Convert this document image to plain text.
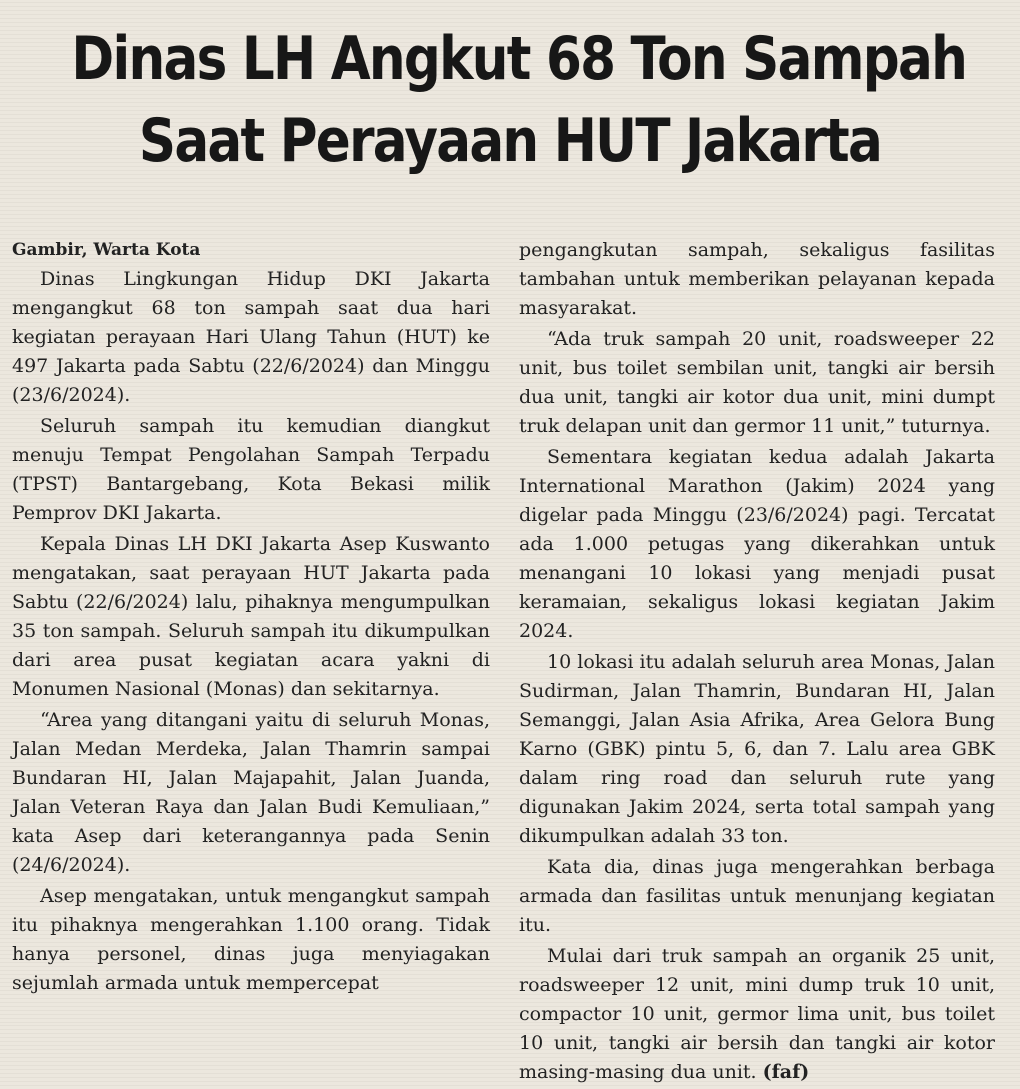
Dinas LH Angkut 68 Ton Sampah
Saat Perayaan HUT Jakarta

Gambir, Warta Kota

Dinas Lingkungan Hidup DKI Jakarta mengangkut 68 ton sampah saat dua hari kegiatan perayaan Hari Ulang Tahun (HUT) ke 497 Jakarta pada Sabtu (22/6/2024) dan Minggu (23/6/2024).

Seluruh sampah itu kemudian diangkut menuju Tempat Pengolahan Sampah Terpadu (TPST) Bantargebang, Kota Bekasi milik Pemprov DKI Jakarta.

Kepala Dinas LH DKI Jakarta Asep Kuswanto mengatakan, saat perayaan HUT Jakarta pada Sabtu (22/6/2024) lalu, pihaknya mengumpulkan 35 ton sampah. Seluruh sampah itu dikumpulkan dari area pusat kegiatan acara yakni di Monumen Nasional (Monas) dan sekitarnya.

“Area yang ditangani yaitu di seluruh Monas, Jalan Medan Merdeka, Jalan Thamrin sampai Bundaran HI, Jalan Majapahit, Jalan Juanda, Jalan Veteran Raya dan Jalan Budi Kemuliaan,” kata Asep dari keterangannya pada Senin (24/6/2024).

Asep mengatakan, untuk mengangkut sampah itu pihaknya mengerahkan 1.100 orang. Tidak hanya personel, dinas juga menyiagakan sejumlah armada untuk mempercepat

pengangkutan sampah, sekaligus fasilitas tambahan untuk memberikan pelayanan kepada masyarakat.

“Ada truk sampah 20 unit, roadsweeper 22 unit, bus toilet sembilan unit, tangki air bersih dua unit, tangki air kotor dua unit, mini dumpt truk delapan unit dan germor 11 unit,” tuturnya.

Sementara kegiatan kedua adalah Jakarta International Marathon (Jakim) 2024 yang digelar pada Minggu (23/6/2024) pagi. Tercatat ada 1.000 petugas yang dikerahkan untuk menangani 10 lokasi yang menjadi pusat keramaian, sekaligus lokasi kegiatan Jakim 2024.

10 lokasi itu adalah seluruh area Monas, Jalan Sudirman, Jalan Thamrin, Bundaran HI, Jalan Semanggi, Jalan Asia Afrika, Area Gelora Bung Karno (GBK) pintu 5, 6, dan 7. Lalu area GBK dalam ring road dan seluruh rute yang digunakan Jakim 2024, serta total sampah yang dikumpulkan adalah 33 ton.

Kata dia, dinas juga mengerahkan berbaga armada dan fasilitas untuk menunjang kegiatan itu.

Mulai dari truk sampah an organik 25 unit, roadsweeper 12 unit, mini dump truk 10 unit, compactor 10 unit, germor lima unit, bus toilet 10 unit, tangki air bersih dan tangki air kotor masing-masing dua unit. (faf)
